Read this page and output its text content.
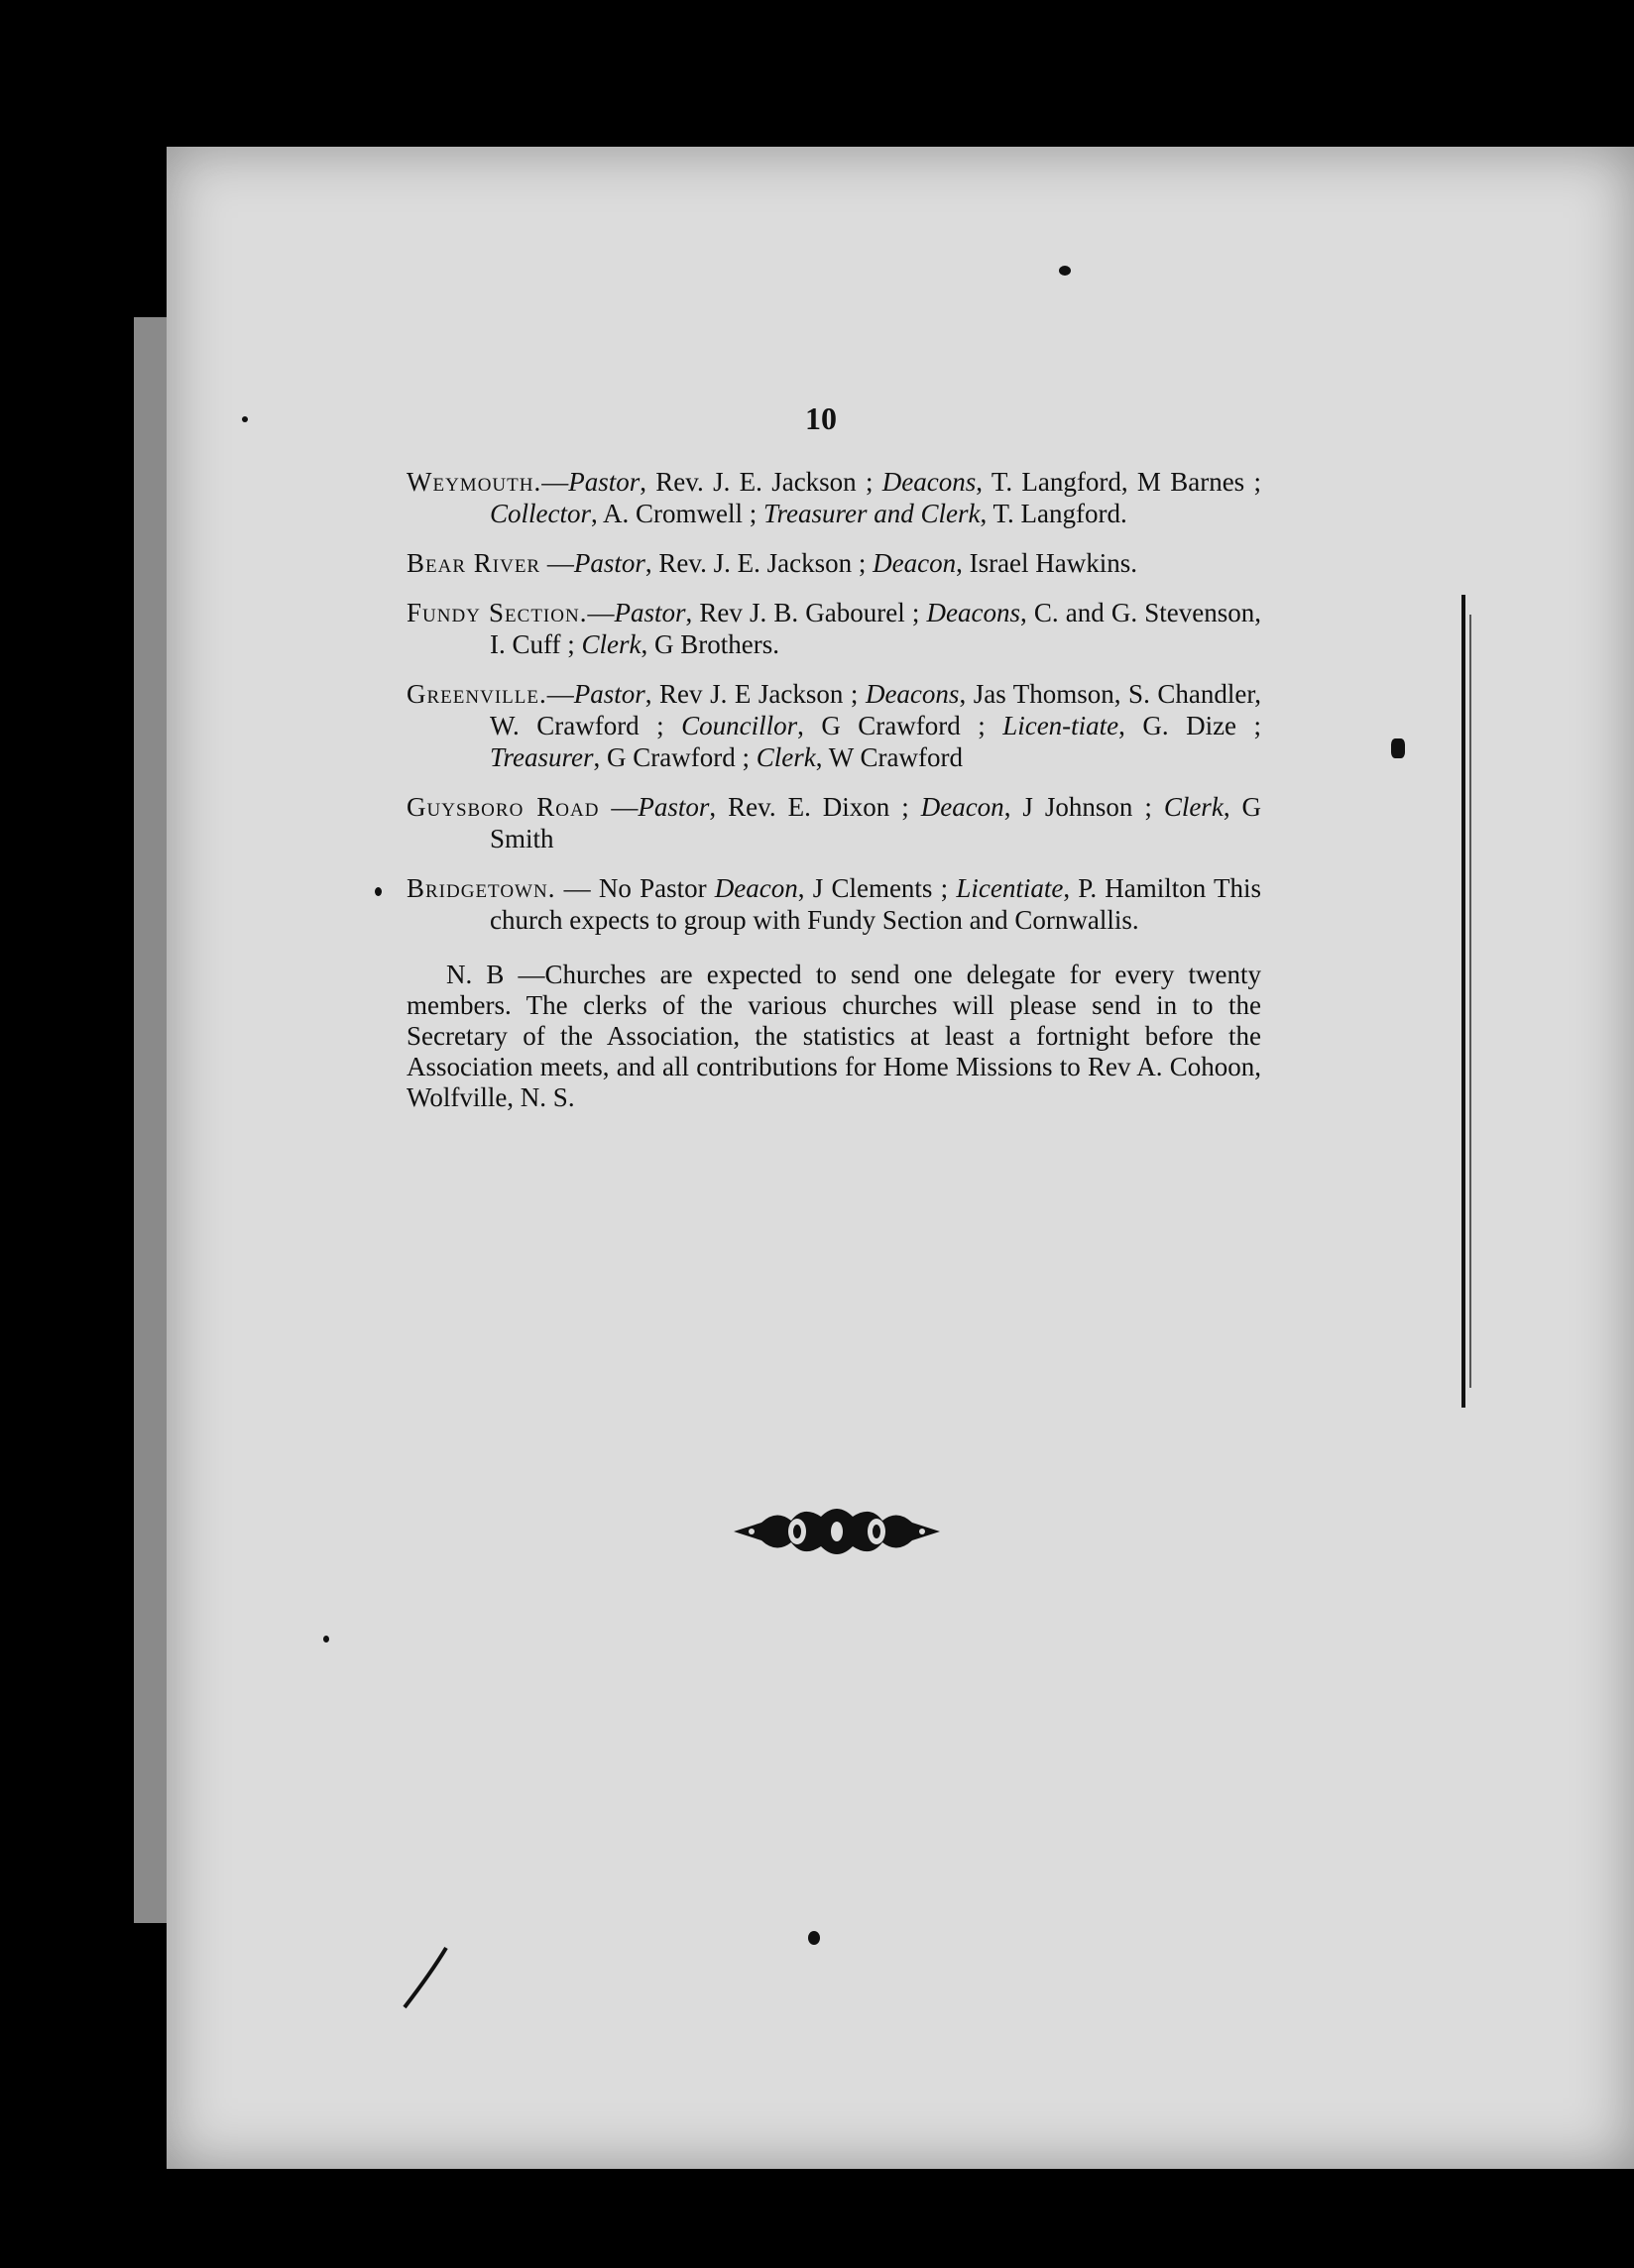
10

Weymouth.—Pastor, Rev. J. E. Jackson ; Deacons, T. Langford, M Barnes ; Collector, A. Cromwell ; Treasurer and Clerk, T. Langford.

Bear River —Pastor, Rev. J. E. Jackson ; Deacon, Israel Hawkins.

Fundy Section.—Pastor, Rev J. B. Gabourel ; Deacons, C. and G. Stevenson, I. Cuff ; Clerk, G Brothers.

Greenville.—Pastor, Rev J. E Jackson ; Deacons, Jas Thomson, S. Chandler, W. Crawford ; Councillor, G Crawford ; Licen-tiate, G. Dize ; Treasurer, G Crawford ; Clerk, W Crawford

Guysboro Road —Pastor, Rev. E. Dixon ; Deacon, J Johnson ; Clerk, G Smith

Bridgetown. — No Pastor Deacon, J Clements ; Licentiate, P. Hamilton This church expects to group with Fundy Section and Cornwallis.

N. B —Churches are expected to send one delegate for every twenty members. The clerks of the various churches will please send in to the Secretary of the Association, the statistics at least a fortnight before the Association meets, and all contributions for Home Missions to Rev A. Cohoon, Wolfville, N. S.
